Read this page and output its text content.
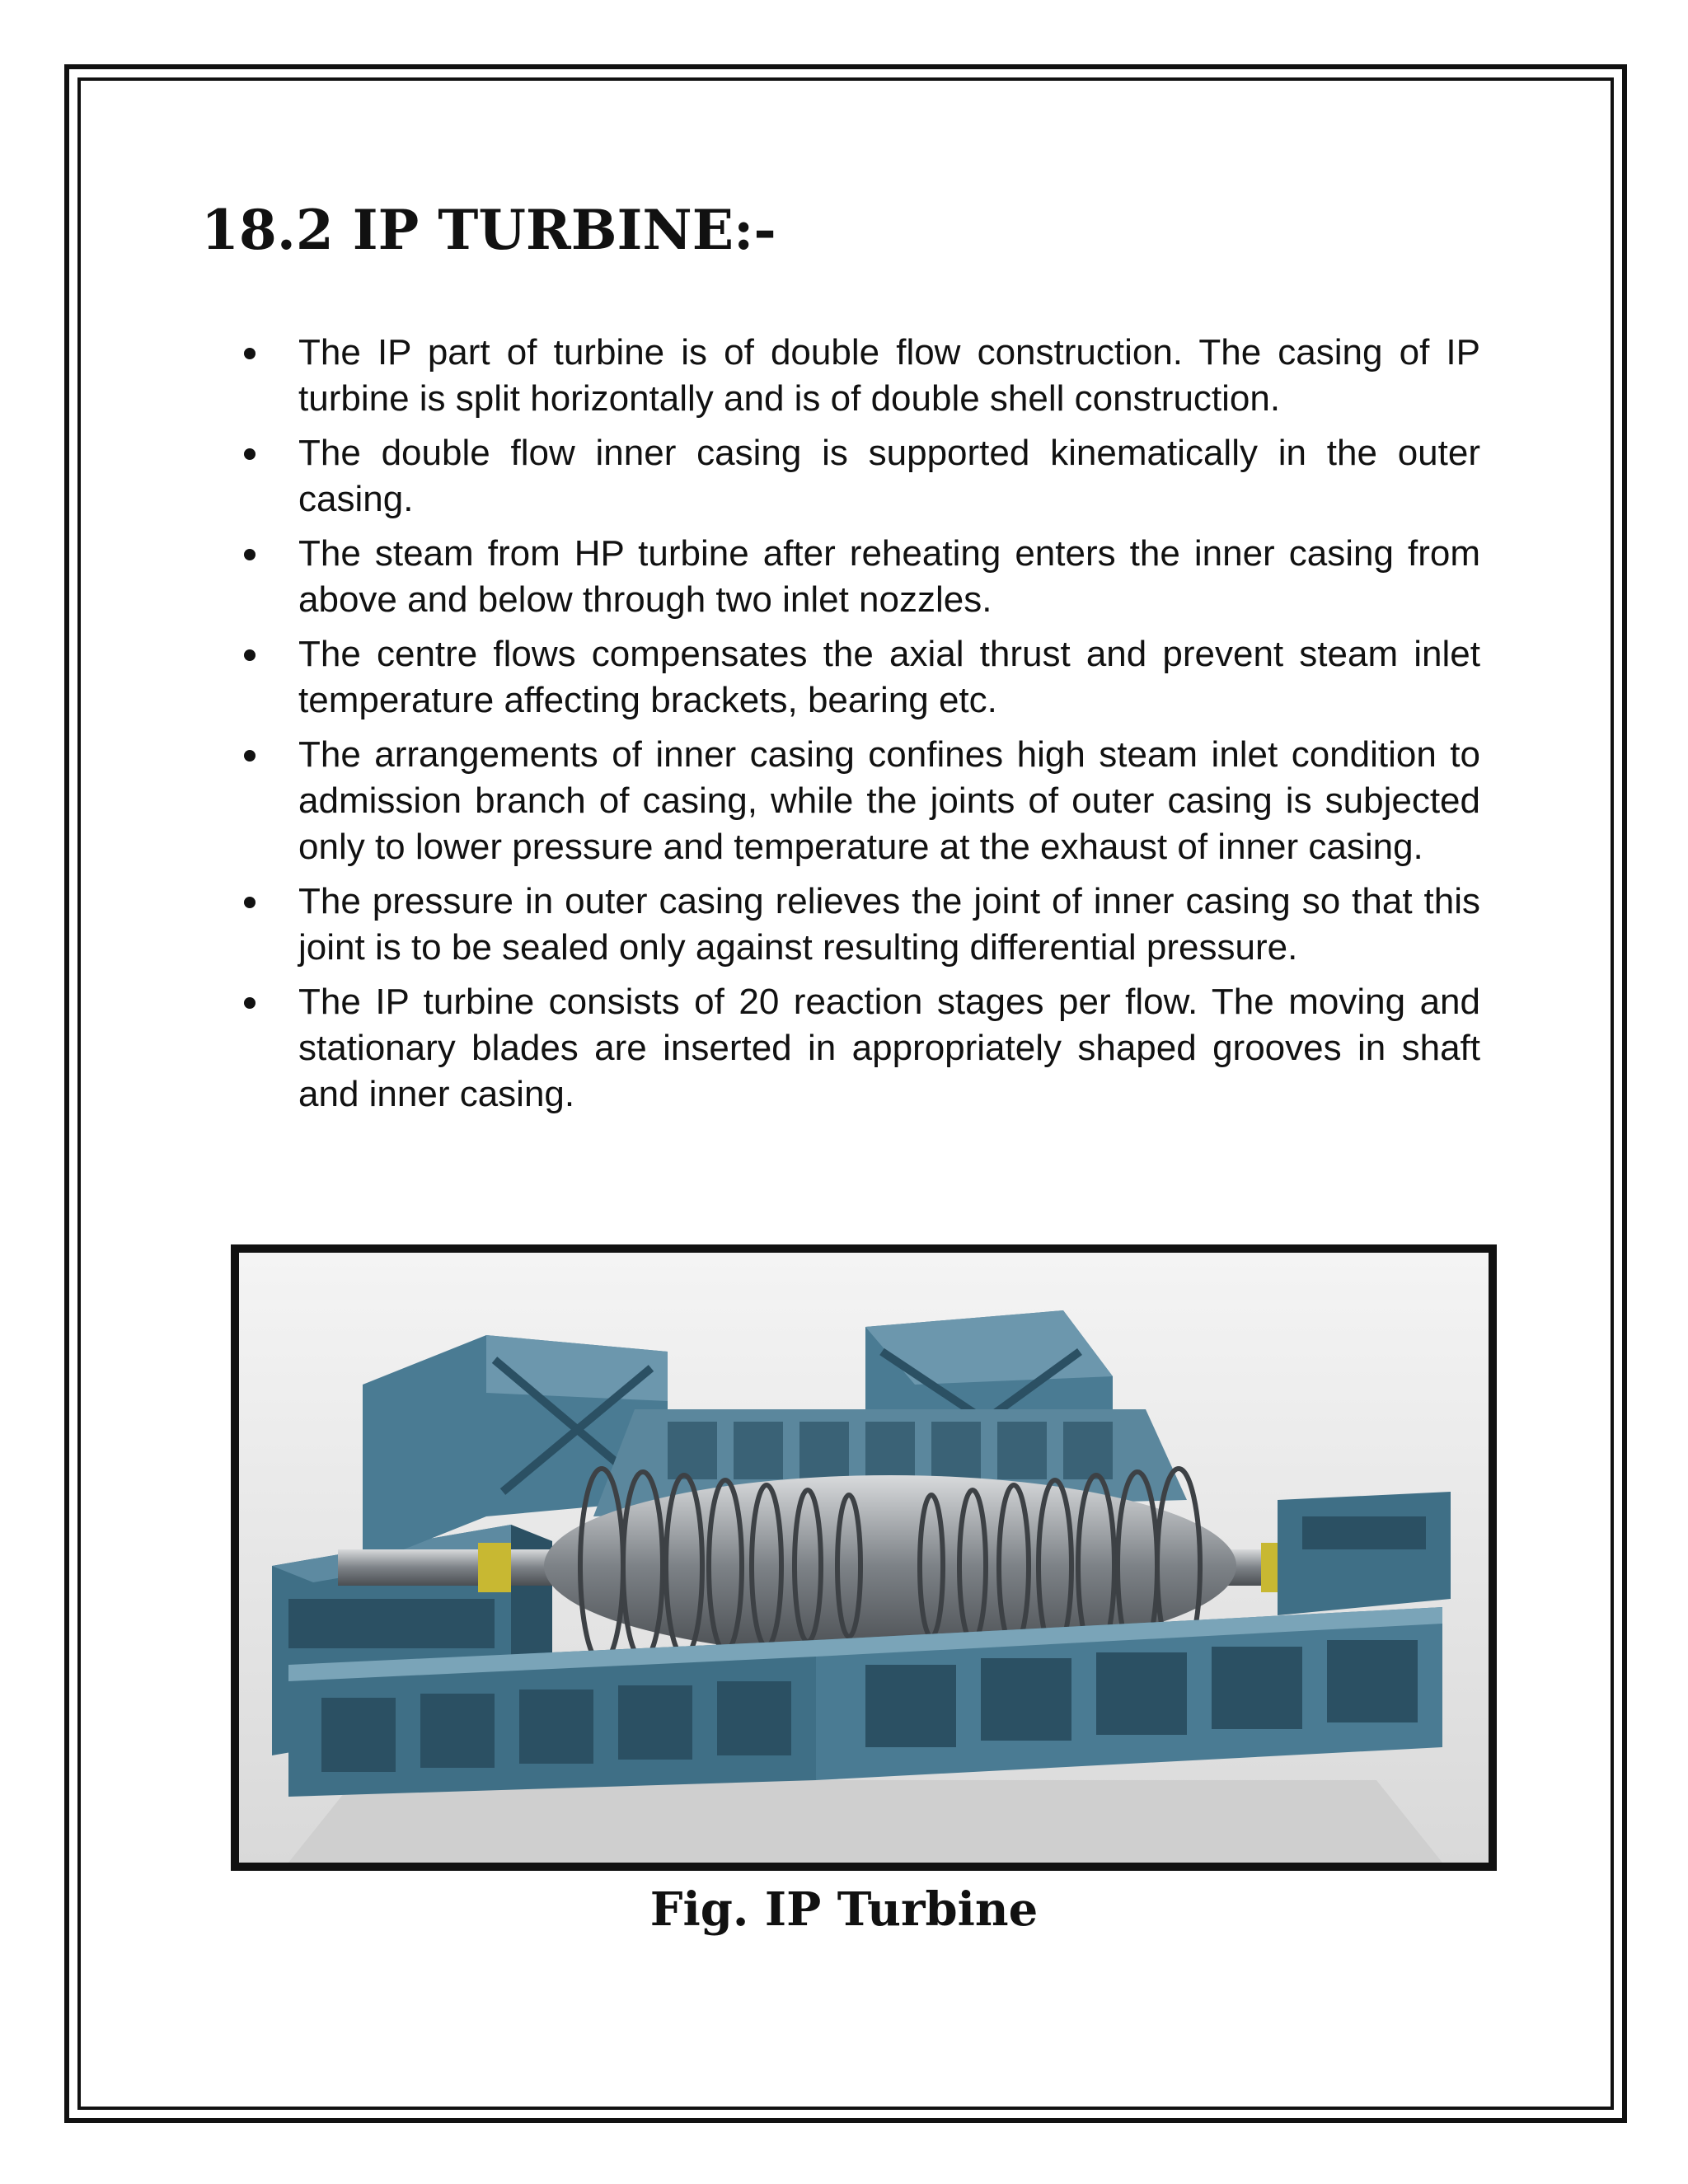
18.2 IP TURBINE:-
The IP part of turbine is of double flow construction. The casing of IP turbine is split horizontally and is of double shell construction.
The double flow inner casing is supported kinematically in the outer casing.
The steam from HP turbine after reheating enters the inner casing from above and below through two inlet nozzles.
The centre flows compensates the axial thrust and prevent steam inlet temperature affecting brackets, bearing etc.
The arrangements of inner casing confines high steam inlet condition to admission branch of casing, while the joints of outer casing is subjected only to lower pressure and temperature at the exhaust of inner casing.
The pressure in outer casing relieves the joint of inner casing so that this joint is to be sealed only against resulting differential pressure.
The IP turbine consists of 20 reaction stages per flow. The moving and stationary blades are inserted in appropriately shaped grooves in shaft and inner casing.
Fig. IP Turbine
